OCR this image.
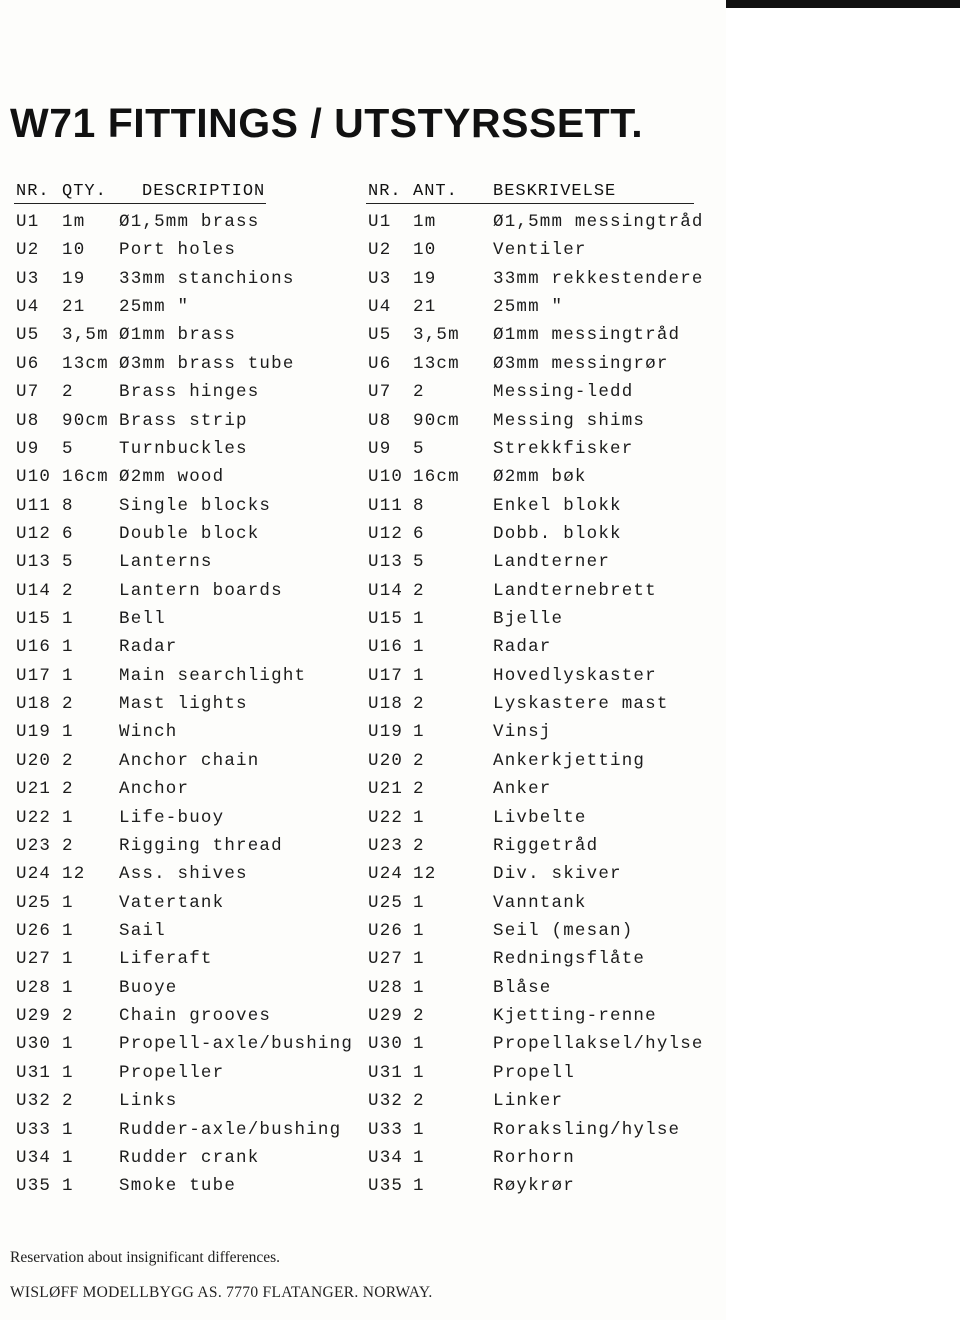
W71 FITTINGS / UTSTYRSSETT.
NR. QTY. DESCRIPTION	NR. ANT. BESKRIVELSE
U1 1m Ø1,5mm brass	U1 1m	Ø1,5mm messingtråd
U2 10 Port holes	U2 10	Ventiler
U3 19 33mm stanchions	U3 19	33mm rekkestendere
U4 21 25mm "	U4 21	25mm "
U5 3,5m Ø1mm brass	U5 3,5m Ø1mm messingtråd
U6 13cm Ø3mm brass tube	U6 13cm Ø3mm messingrør
U7 2	Brass hinges	U7 2	Messing-ledd
U8 90cm Brass strip	U8 90cm Messing shims
U9 5	Turnbuckles	U9 5	Strekkfisker
U10 16cm Ø2mm wood	U10 16cm Ø2mm bøk
U11 8	Single blocks	U11 8	Enkel blokk
U12 6	Double block	U12 6	Dobb. blokk
U13 5	Lanterns	U13 5	Landterner
U14 2	Lantern boards	U14 2	Landternebrett
U15 1	Bell	U15 1	Bjelle
U16 1	Radar	U16 1	Radar
U17 1	Main searchlight	U17 1	Hovedlyskaster
U18 2	Mast lights	U18 2	Lyskastere mast
U19 1	Winch	U19 1	Vinsj
U20 2	Anchor chain	U20 2	Ankerkjetting
U21 2	Anchor	U21 2	Anker
U22 1	Life-buoy	U22 1	Livbelte
U23 2	Rigging thread	U23 2	Riggetråd
U24 12 Ass. shives	U24 12	Div. skiver
U25 1	Vatertank	U25 1	Vanntank
U26 1	Sail	U26 1	Seil (mesan)
U27 1	Liferaft	U27 1	Redningsflåte
U28 1	Buoye	U28 1	Blåse
U29 2	Chain grooves	U29 2	Kjetting-renne
U30 1	Propell-axle/bushing U30 1	Propellaksel/hylse
U31 1	Propeller	U31 1	Propell
U32 2	Links	U32 2	Linker
U33 1	Rudder-axle/bushing U33 1	Roraksling/hylse
U34 1	Rudder crank	U34 1	Rorhorn
U35 1	Smoke tube	U35 1	Røykrør
Reservation about insignificant differences.
WISLØFF MODELLBYGG AS. 7770 FLATANGER. NORWAY.
